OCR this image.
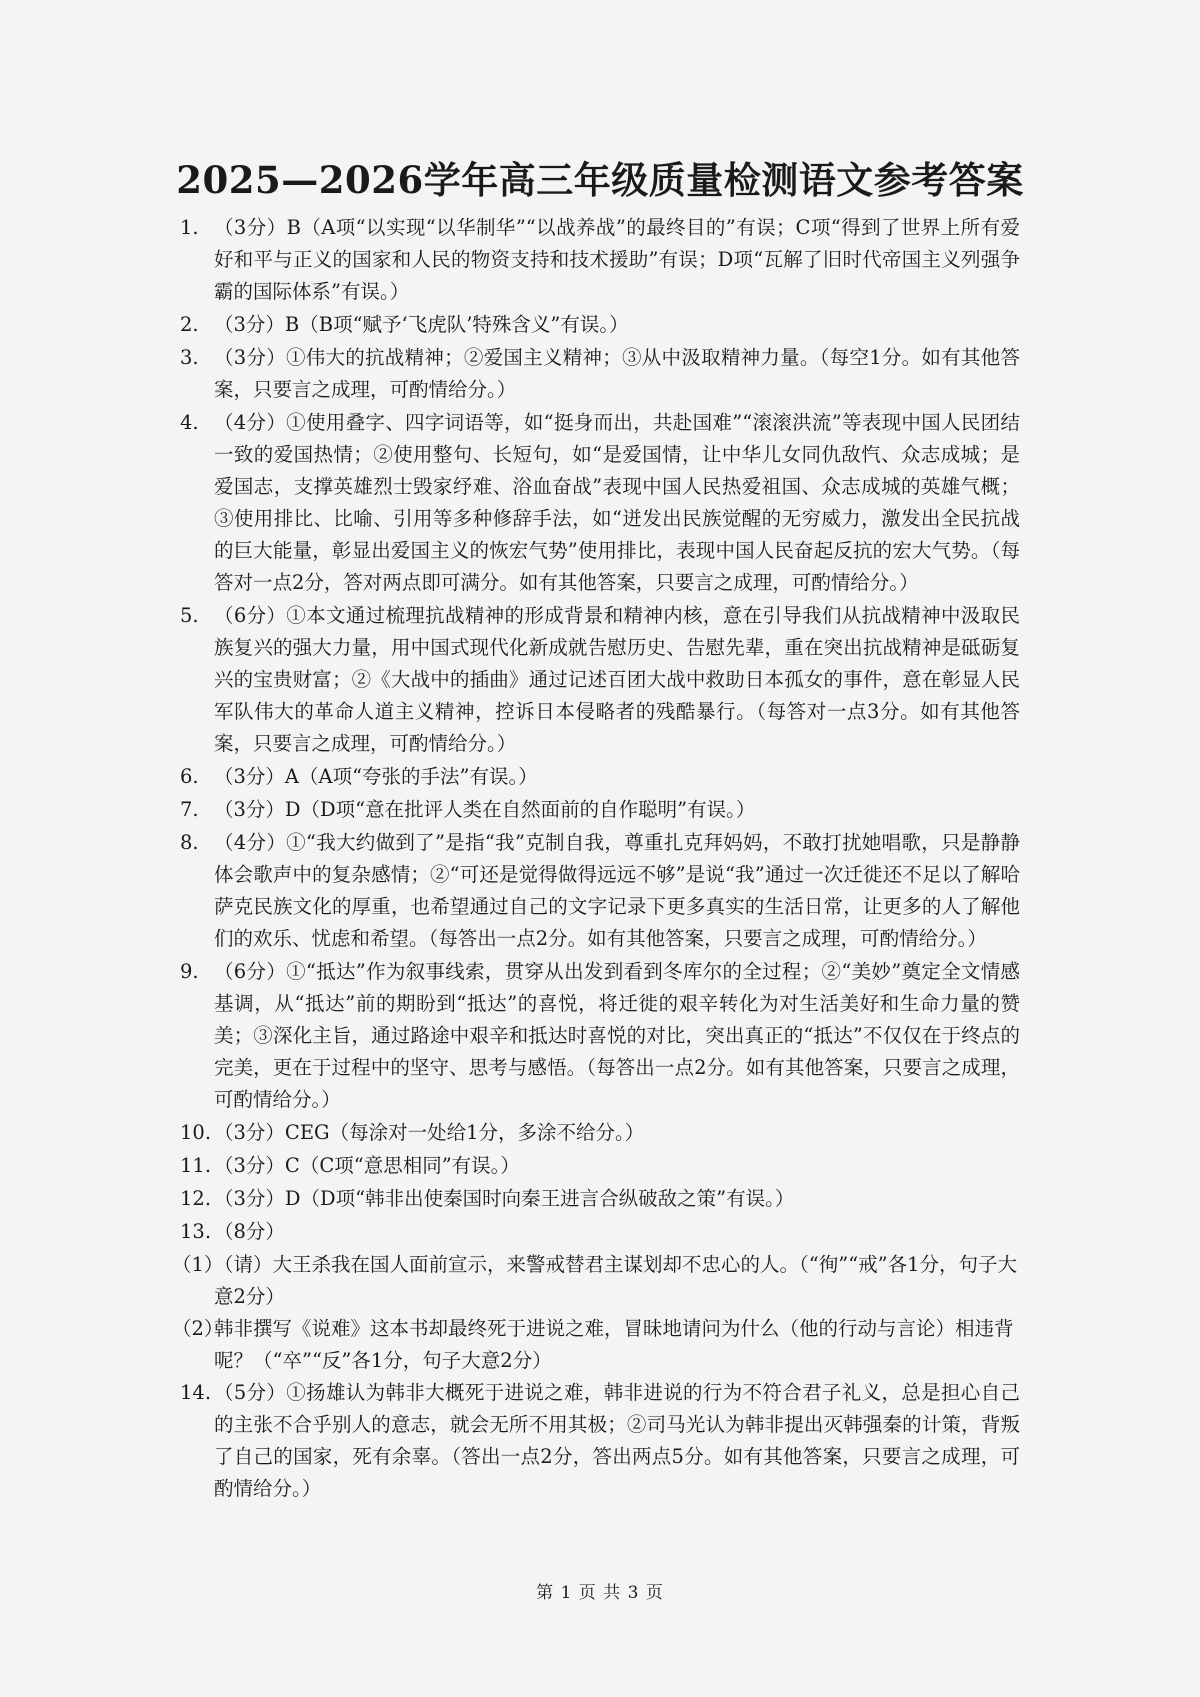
2025—2026学年高三年级质量检测语文参考答案
1. （3分）B（A项“以实现“以华制华”“以战养战”的最终目的”有误；C项“得到了世界上所有爱好和平与正义的国家和人民的物资支持和技术援助”有误；D项“瓦解了旧时代帝国主义列强争霸的国际体系”有误。）
2. （3分）B（B项“赋予‘飞虎队’特殊含义”有误。）
3. （3分）①伟大的抗战精神；②爱国主义精神；③从中汲取精神力量。（每空1分。如有其他答案，只要言之成理，可酌情给分。）
4. （4分）①使用叠字、四字词语等，如“挺身而出，共赴国难”“滚滚洪流”等表现中国人民团结一致的爱国热情；②使用整句、长短句，如“是爱国情，让中华儿女同仇敌忾、众志成城；是爱国志，支撑英雄烈士毁家纾难、浴血奋战”表现中国人民热爱祖国、众志成城的英雄气概；③使用排比、比喻、引用等多种修辞手法，如“迸发出民族觉醒的无穷威力，激发出全民抗战的巨大能量，彰显出爱国主义的恢宏气势”使用排比，表现中国人民奋起反抗的宏大气势。（每答对一点2分，答对两点即可满分。如有其他答案，只要言之成理，可酌情给分。）
5. （6分）①本文通过梳理抗战精神的形成背景和精神内核，意在引导我们从抗战精神中汲取民族复兴的强大力量，用中国式现代化新成就告慰历史、告慰先辈，重在突出抗战精神是砥砺复兴的宝贵财富；②《大战中的插曲》通过记述百团大战中救助日本孤女的事件，意在彰显人民军队伟大的革命人道主义精神，控诉日本侵略者的残酷暴行。（每答对一点3分。如有其他答案，只要言之成理，可酌情给分。）
6. （3分）A（A项“夸张的手法”有误。）
7. （3分）D（D项“意在批评人类在自然面前的自作聪明”有误。）
8. （4分）①“我大约做到了”是指“我”克制自我，尊重扎克拜妈妈，不敢打扰她唱歌，只是静静体会歌声中的复杂感情；②“可还是觉得做得远远不够”是说“我”通过一次迁徙还不足以了解哈萨克民族文化的厚重，也希望通过自己的文字记录下更多真实的生活日常，让更多的人了解他们的欢乐、忧虑和希望。（每答出一点2分。如有其他答案，只要言之成理，可酌情给分。）
9. （6分）①“抵达”作为叙事线索，贯穿从出发到看到冬库尔的全过程；②“美妙”奠定全文情感基调，从“抵达”前的期盼到“抵达”的喜悦，将迁徙的艰辛转化为对生活美好和生命力量的赞美；③深化主旨，通过路途中艰辛和抵达时喜悦的对比，突出真正的“抵达”不仅仅在于终点的完美，更在于过程中的坚守、思考与感悟。（每答出一点2分。如有其他答案，只要言之成理，可酌情给分。）
10. （3分）CEG（每涂对一处给1分，多涂不给分。）
11. （3分）C（C项“意思相同”有误。）
12. （3分）D（D项“韩非出使秦国时向秦王进言合纵破敌之策”有误。）
13. （8分）
（1）
（请）大王杀我在国人面前宣示，来警戒替君主谋划却不忠心的人。（“徇”“戒”各1分，句子大意2分）
（2）
韩非撰写《说难》这本书却最终死于进说之难，冒昧地请问为什么（他的行动与言论）相违背呢？（“卒”“反”各1分，句子大意2分）
14. （5分）①扬雄认为韩非大概死于进说之难，韩非进说的行为不符合君子礼义，总是担心自己的主张不合乎别人的意志，就会无所不用其极；②司马光认为韩非提出灭韩强秦的计策，背叛了自己的国家，死有余辜。（答出一点2分，答出两点5分。如有其他答案，只要言之成理，可酌情给分。）
第 1 页 共 3 页
